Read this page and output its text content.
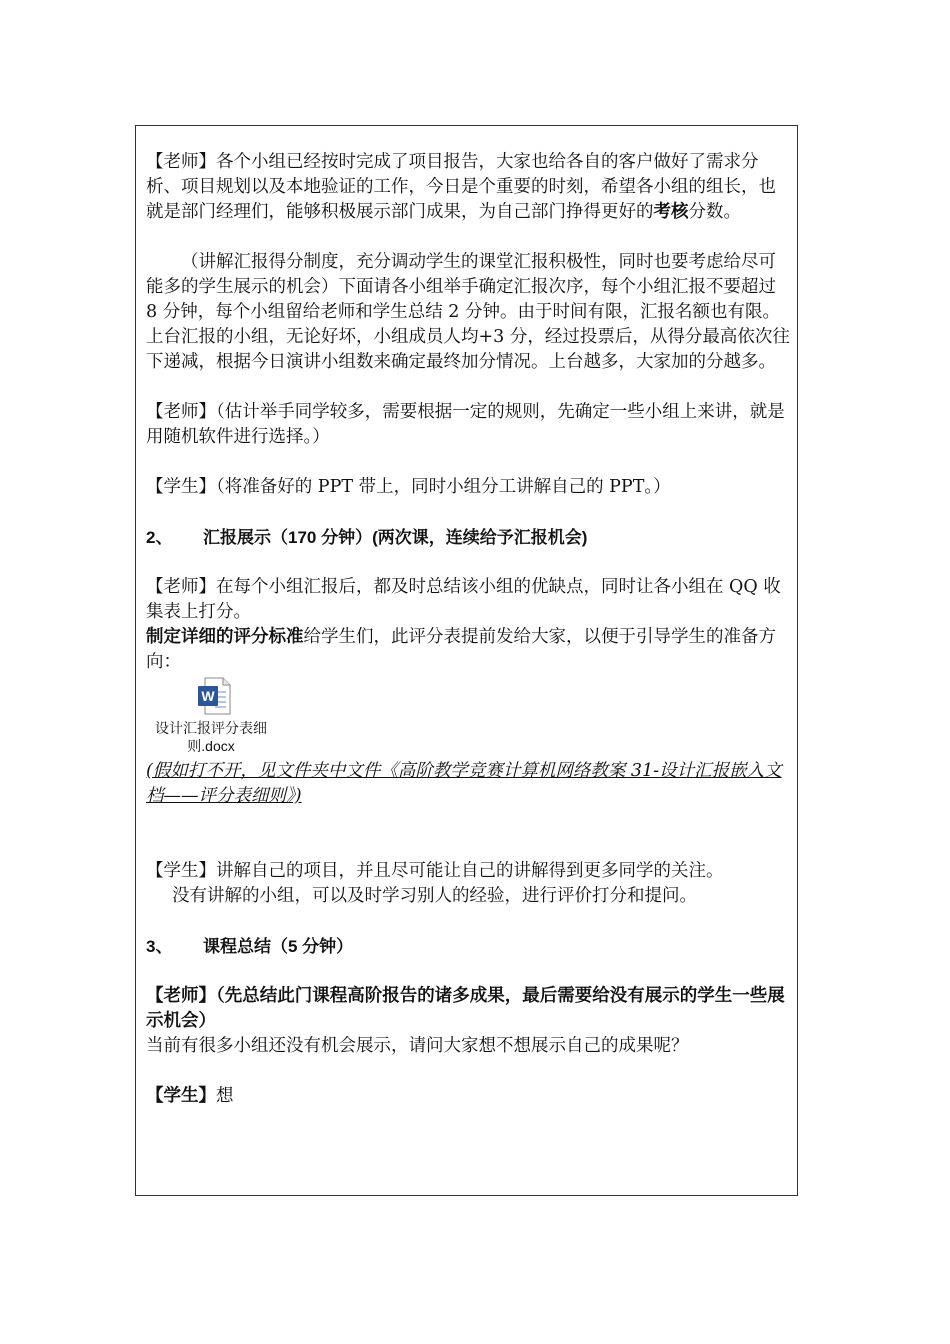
【老师】各个小组已经按时完成了项目报告，大家也给各自的客户做好了需求分析、项目规划以及本地验证的工作，今日是个重要的时刻，希望各小组的组长，也就是部门经理们，能够积极展示部门成果，为自己部门挣得更好的考核分数。

（讲解汇报得分制度，充分调动学生的课堂汇报积极性，同时也要考虑给尽可能多的学生展示的机会）下面请各小组举手确定汇报次序，每个小组汇报不要超过 8 分钟，每个小组留给老师和学生总结 2 分钟。由于时间有限，汇报名额也有限。上台汇报的小组，无论好坏，小组成员人均+3 分，经过投票后，从得分最高依次往下递减，根据今日演讲小组数来确定最终加分情况。上台越多，大家加的分越多。

【老师】（估计举手同学较多，需要根据一定的规则，先确定一些小组上来讲，就是用随机软件进行选择。）

【学生】（将准备好的 PPT 带上，同时小组分工讲解自己的 PPT。）

2、 汇报展示（170 分钟）(两次课，连续给予汇报机会)

【老师】在每个小组汇报后，都及时总结该小组的优缺点，同时让各小组在 QQ 收集表上打分。

制定详细的评分标准给学生们，此评分表提前发给大家，以便于引导学生的准备方向：

W
设计汇报评分表细则.docx

(假如打不开，见文件夹中文件《高阶教学竞赛计算机网络教案 31-设计汇报嵌入文档——评分表细则》)

【学生】讲解自己的项目，并且尽可能让自己的讲解得到更多同学的关注。

没有讲解的小组，可以及时学习别人的经验，进行评价打分和提问。

3、 课程总结（5 分钟）

【老师】（先总结此门课程高阶报告的诸多成果，最后需要给没有展示的学生一些展示机会）

当前有很多小组还没有机会展示，请问大家想不想展示自己的成果呢？

【学生】想
